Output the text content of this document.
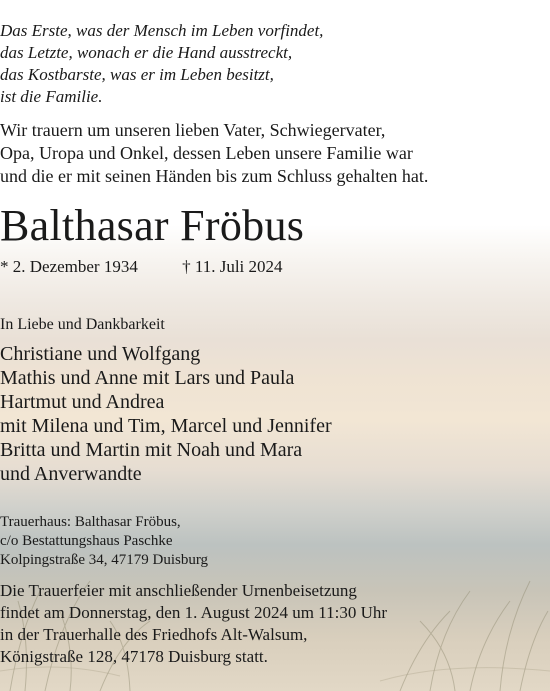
Das Erste, was der Mensch im Leben vorfindet,
das Letzte, wonach er die Hand ausstreckt,
das Kostbarste, was er im Leben besitzt,
ist die Familie.
Wir trauern um unseren lieben Vater, Schwiegervater,
Opa, Uropa und Onkel, dessen Leben unsere Familie war
und die er mit seinen Händen bis zum Schluss gehalten hat.
Balthasar Fröbus
* 2. Dezember 1934	† 11. Juli 2024
In Liebe und Dankbarkeit
Christiane und Wolfgang
Mathis und Anne mit Lars und Paula
Hartmut und Andrea
mit Milena und Tim, Marcel und Jennifer
Britta und Martin mit Noah und Mara
und Anverwandte
Trauerhaus: Balthasar Fröbus,
c/o Bestattungshaus Paschke
Kolpingstraße 34, 47179 Duisburg
Die Trauerfeier mit anschließender Urnenbeisetzung
findet am Donnerstag, den 1. August 2024 um 11:30 Uhr
in der Trauerhalle des Friedhofs Alt-Walsum,
Königstraße 128, 47178 Duisburg statt.
